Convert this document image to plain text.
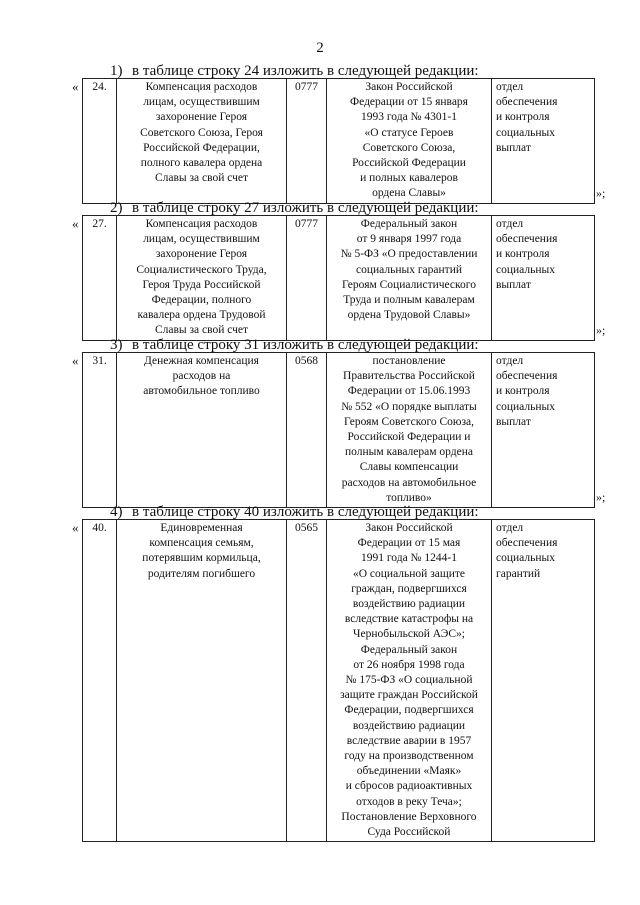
2
1) в таблице строку 24 изложить в следующей редакции:
« 24.	Компенсация расходов
лицам, осуществившим
захоронение Героя
Советского Союза, Героя
Российской Федерации,
полного кавалера ордена
Славы за свой счет
	0777	Закон Российской
Федерации от 15 января
1993 года № 4301-1
«О статусе Героев
Советского Союза,
Российской Федерации
и полных кавалеров
ордена Славы»

отдел
обеспечения
и контроля
социальных
выплат
»;
2) в таблице строку 27 изложить в следующей редакции:
« 27.	Компенсация расходов
лицам, осуществившим
захоронение Героя
Социалистического Труда,
Героя Труда Российской
Федерации, полного
кавалера ордена Трудовой
Славы за свой счет
	0777	Федеральный закон
от 9 января 1997 года
№ 5-ФЗ «О предоставлении
социальных гарантий
Героям Социалистического
Труда и полным кавалерам
ордена Трудовой Славы»

отдел
обеспечения
и контроля
социальных
выплат
»;
3) в таблице строку 31 изложить в следующей редакции:
« 31.	Денежная компенсация
расходов на
автомобильное топливо
	0568	постановление
Правительства Российской
Федерации от 15.06.1993
№ 552 «О порядке выплаты
Героям Советского Союза,
Российской Федерации и
полным кавалерам ордена
Славы компенсации
расходов на автомобильное
топливо»

отдел
обеспечения
и контроля
социальных
выплат
»;
4) в таблице строку 40 изложить в следующей редакции:
« 40.	Единовременная
компенсация семьям,
потерявшим кормильца,
родителям погибшего
	0565	Закон Российской
Федерации от 15 мая
1991 года № 1244-1
«О социальной защите
граждан, подвергшихся
воздействию радиации
вследствие катастрофы на
Чернобыльской АЭС»;
Федеральный закон
от 26 ноября 1998 года
№ 175-ФЗ «О социальной
защите граждан Российской
Федерации, подвергшихся
воздействию радиации
вследствие аварии в 1957
году на производственном
объединении «Маяк»
и сбросов радиоактивных
отходов в реку Теча»;
Постановление Верховного
Суда Российской

отдел
обеспечения
социальных
гарантий
